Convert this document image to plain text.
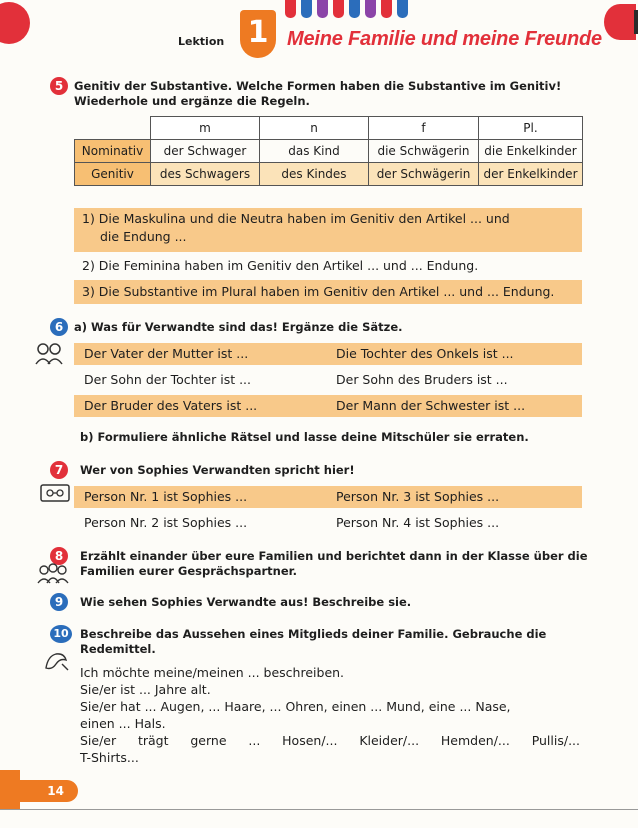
Lektion 1 Meine Familie und meine Freunde
5 Genitiv der Substantive. Welche Formen haben die Substantive im Genitiv!
Wiederhole und ergänze die Regeln.
	m	n	f	Pl.
Nominativ	der Schwager	das Kind	die Schwägerin	die Enkelkinder
Genitiv	des Schwagers	des Kindes	der Schwägerin	der Enkelkinder
1) Die Maskulina und die Neutra haben im Genitiv den Artikel ... und
die Endung ...
2) Die Feminina haben im Genitiv den Artikel ... und ... Endung.
3) Die Substantive im Plural haben im Genitiv den Artikel ... und ... Endung.
6 a) Was für Verwandte sind das! Ergänze die Sätze.
Der Vater der Mutter ist ...	Die Tochter des Onkels ist ...
Der Sohn der Tochter ist ...	Der Sohn des Bruders ist ...
Der Bruder des Vaters ist ...	Der Mann der Schwester ist ...
b) Formuliere ähnliche Rätsel und lasse deine Mitschüler sie erraten.
7	Wer von Sophies Verwandten spricht hier!
Person Nr. 1 ist Sophies ...	Person Nr. 3 ist Sophies ...
Person Nr. 2 ist Sophies ...	Person Nr. 4 ist Sophies ...
8	Erzählt einander über eure Familien und berichtet dann in der Klasse über die
Familien eurer Gesprächspartner.
9	Wie sehen Sophies Verwandte aus! Beschreibe sie.
10 Beschreibe das Aussehen eines Mitglieds deiner Familie. Gebrauche die
Redemittel.
Ich möchte meine/meinen ... beschreiben.
Sie/er ist ... Jahre alt.
Sie/er hat ... Augen, ... Haare, ... Ohren, einen ... Mund, eine ... Nase,
einen ... Hals.
Sie/er trägt gerne ... Hosen/... Kleider/... Hemden/... Pullis/...
T-Shirts...
14
